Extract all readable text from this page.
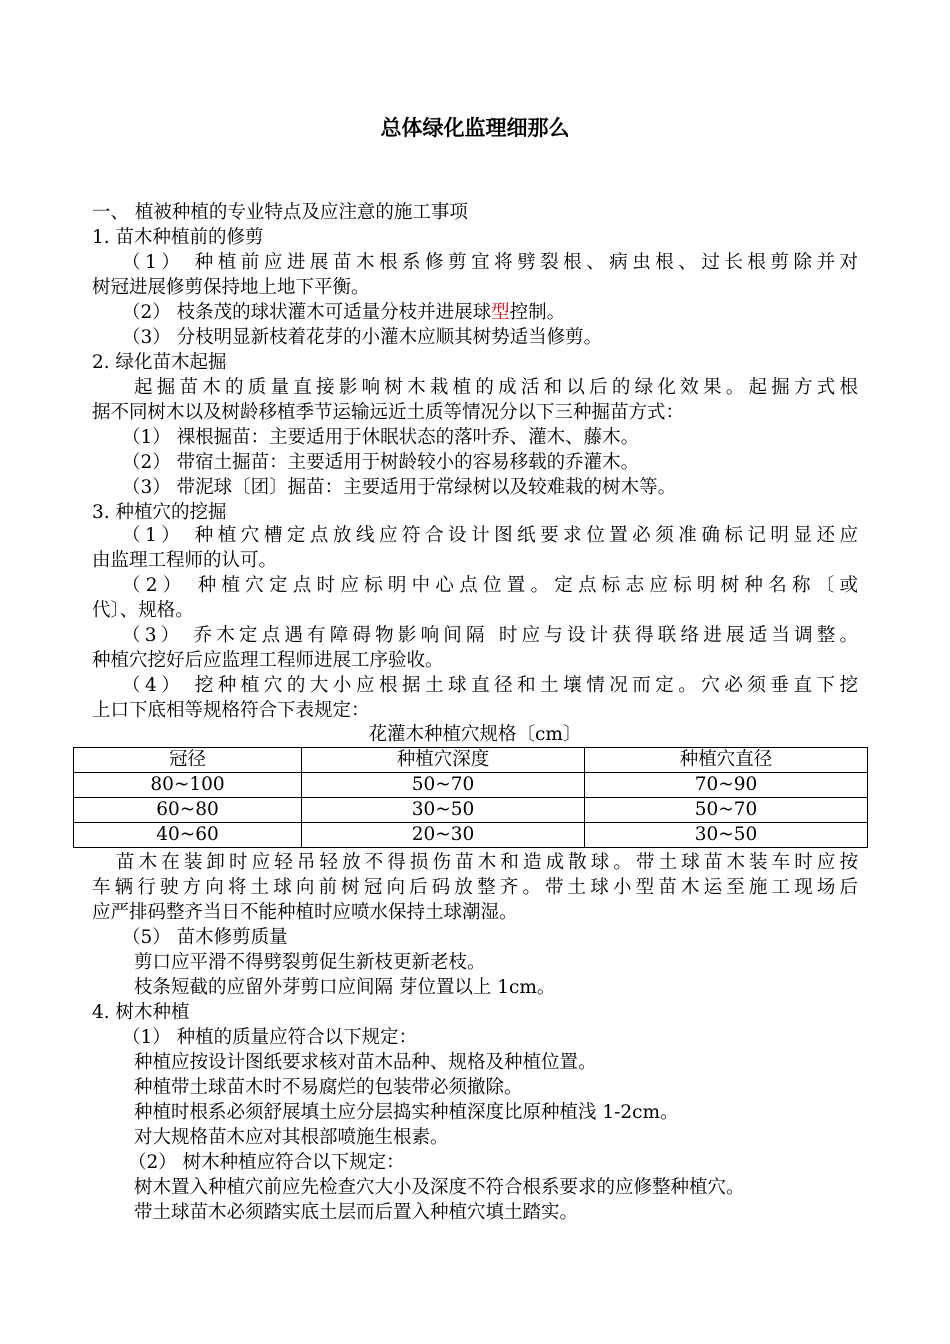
总体绿化监理细那么
一、 植被种植的专业特点及应注意的施工事项
1. 苗木种植前的修剪
（1） 种植前应进展苗木根系修剪宜将劈裂根、病虫根、过长根剪除并对
树冠进展修剪保持地上地下平衡。
（2） 枝条茂的球状灌木可适量分枝并进展球型控制。
（3） 分枝明显新枝着花芽的小灌木应顺其树势适当修剪。
2. 绿化苗木起掘
起掘苗木的质量直接影响树木栽植的成活和以后的绿化效果。起掘方式根
据不同树木以及树龄移植季节运输远近土质等情况分以下三种掘苗方式：
（1） 裸根掘苗：主要适用于休眠状态的落叶乔、灌木、藤木。
（2） 带宿土掘苗：主要适用于树龄较小的容易移载的乔灌木。
（3） 带泥球〔团〕掘苗：主要适用于常绿树以及较难栽的树木等。
3. 种植穴的挖掘
（1） 种植穴槽定点放线应符合设计图纸要求位置必须准确标记明显还应
由监理工程师的认可。
（2） 种植穴定点时应标明中心点位置。定点标志应标明树种名称〔或
代〕、规格。
（3） 乔木定点遇有障碍物影响间隔 时应与设计获得联络进展适当调整。
种植穴挖好后应监理工程师进展工序验收。
（4） 挖种植穴的大小应根据土球直径和土壤情况而定。穴必须垂直下挖
上口下底相等规格符合下表规定：
苗木在装卸时应轻吊轻放不得损伤苗木和造成散球。带土球苗木装车时应按
车辆行驶方向将土球向前树冠向后码放整齐。带土球小型苗木运至施工现场后
应严排码整齐当日不能种植时应喷水保持土球潮湿。
（5） 苗木修剪质量
剪口应平滑不得劈裂剪促生新枝更新老枝。
枝条短截的应留外芽剪口应间隔 芽位置以上 1cm。
4. 树木种植
（1） 种植的质量应符合以下规定：
种植应按设计图纸要求核对苗木品种、规格及种植位置。
种植带土球苗木时不易腐烂的包装带必须撤除。
种植时根系必须舒展填土应分层捣实种植深度比原种植浅 1-2cm。
对大规格苗木应对其根部喷施生根素。
（2） 树木种植应符合以下规定：
树木置入种植穴前应先检查穴大小及深度不符合根系要求的应修整种植穴。
带土球苗木必须踏实底土层而后置入种植穴填土踏实。
花灌木种植穴规格〔cm〕
冠径	种植穴深度	种植穴直径
80~100	50~70	70~90
60~80	30~50	50~70
40~60	20~30	30~50
